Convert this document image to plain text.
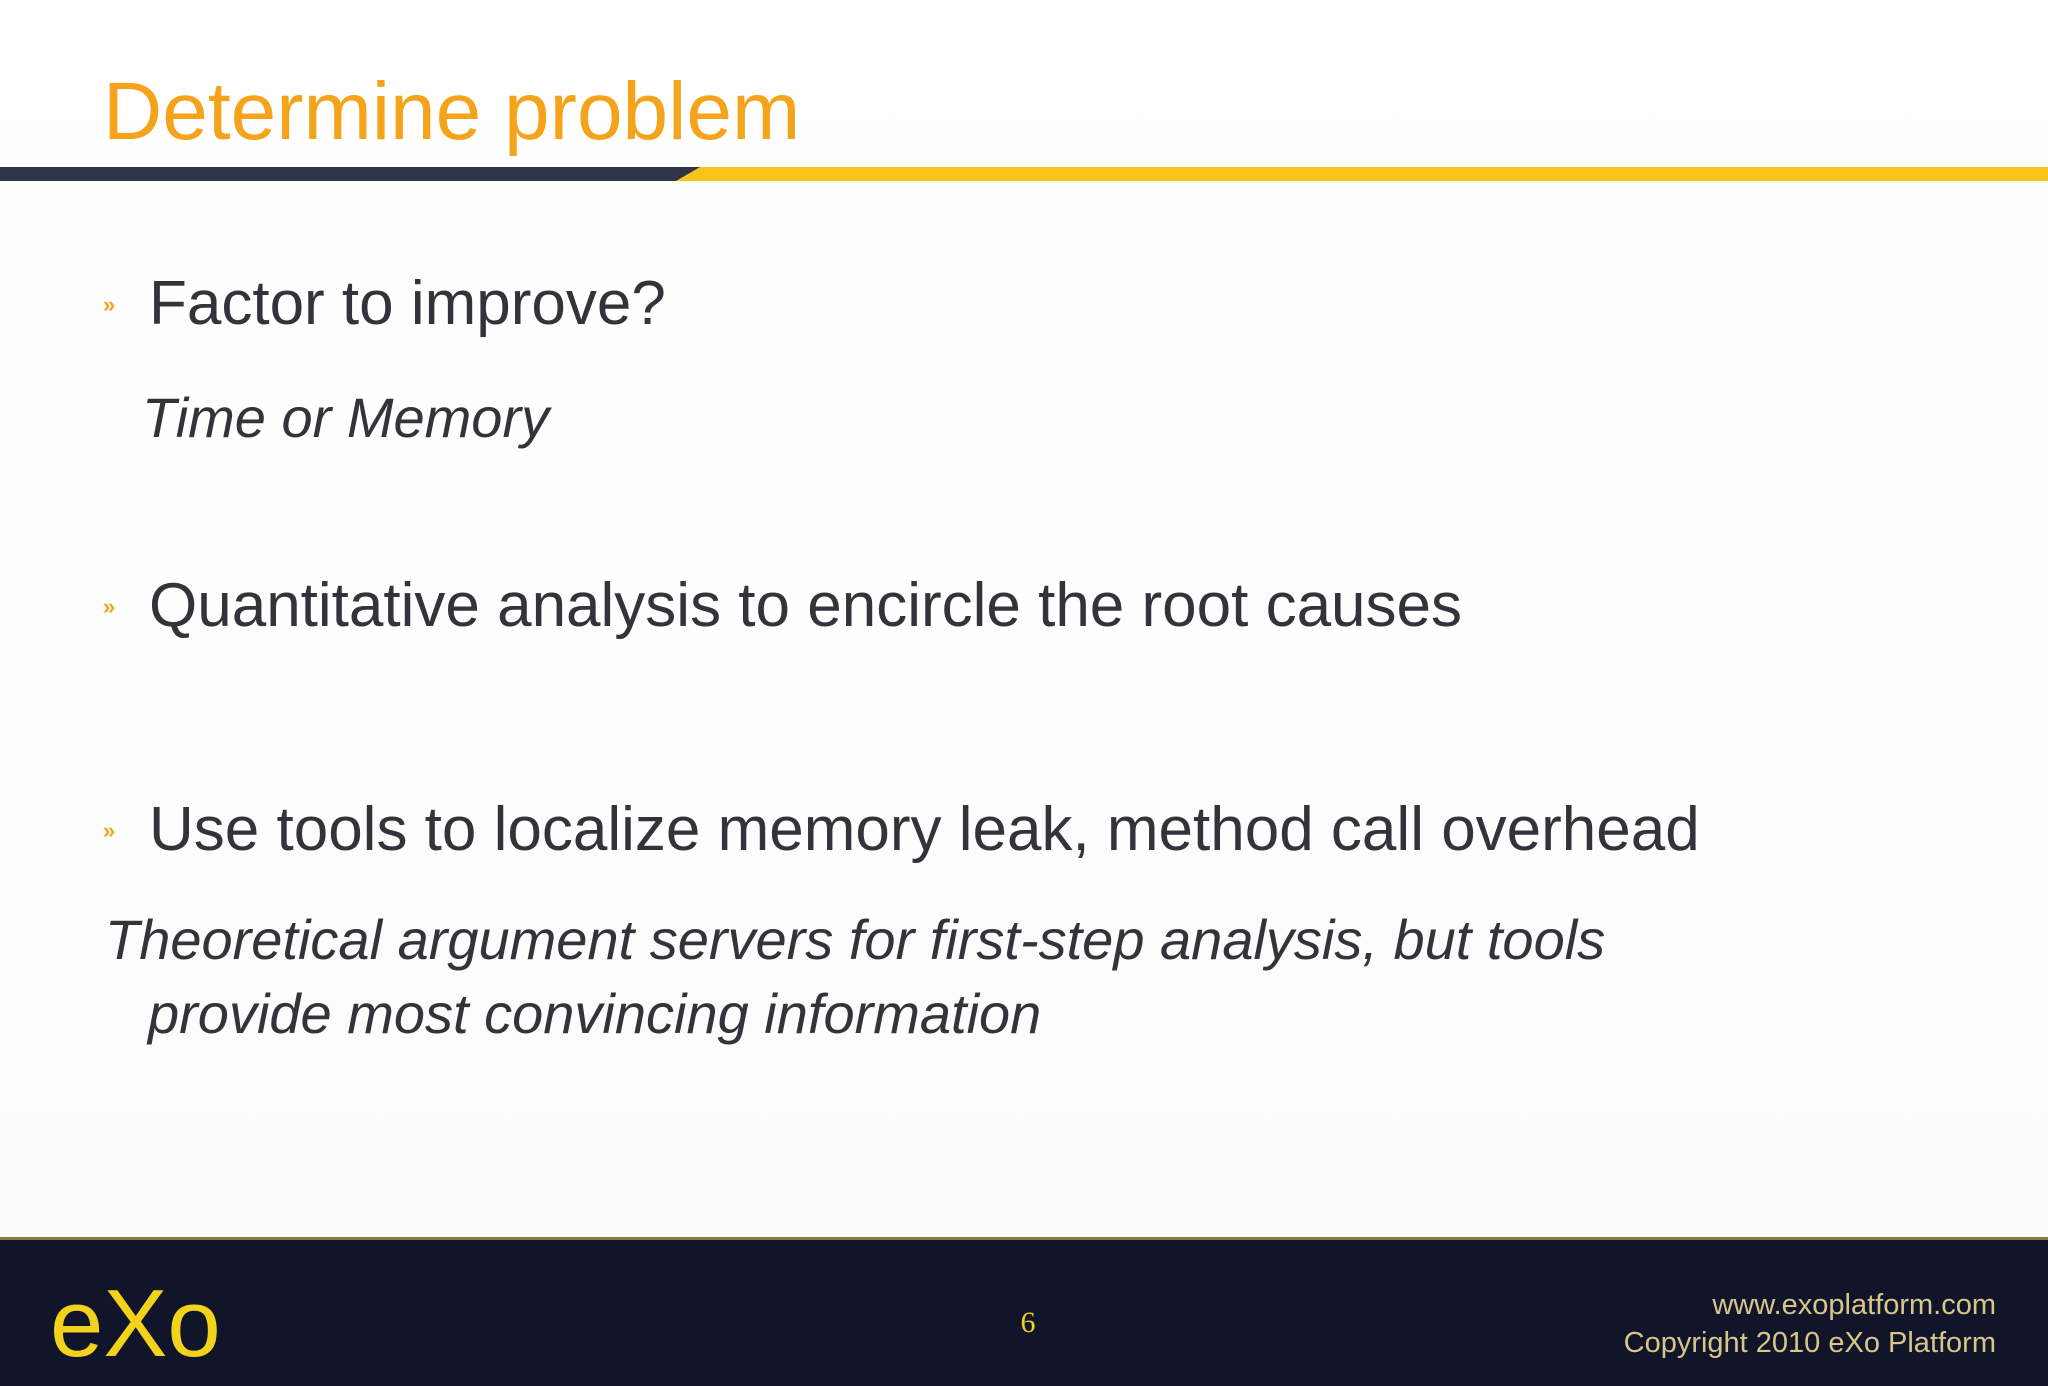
Determine problem
» Factor to improve?
Time or Memory
» Quantitative analysis to encircle the root causes
» Use tools to localize memory leak, method call overhead
Theoretical argument servers for first-step analysis, but tools
provide most convincing information
eXo	6
www.exoplatform.com
Copyright 2010 eXo Platform
